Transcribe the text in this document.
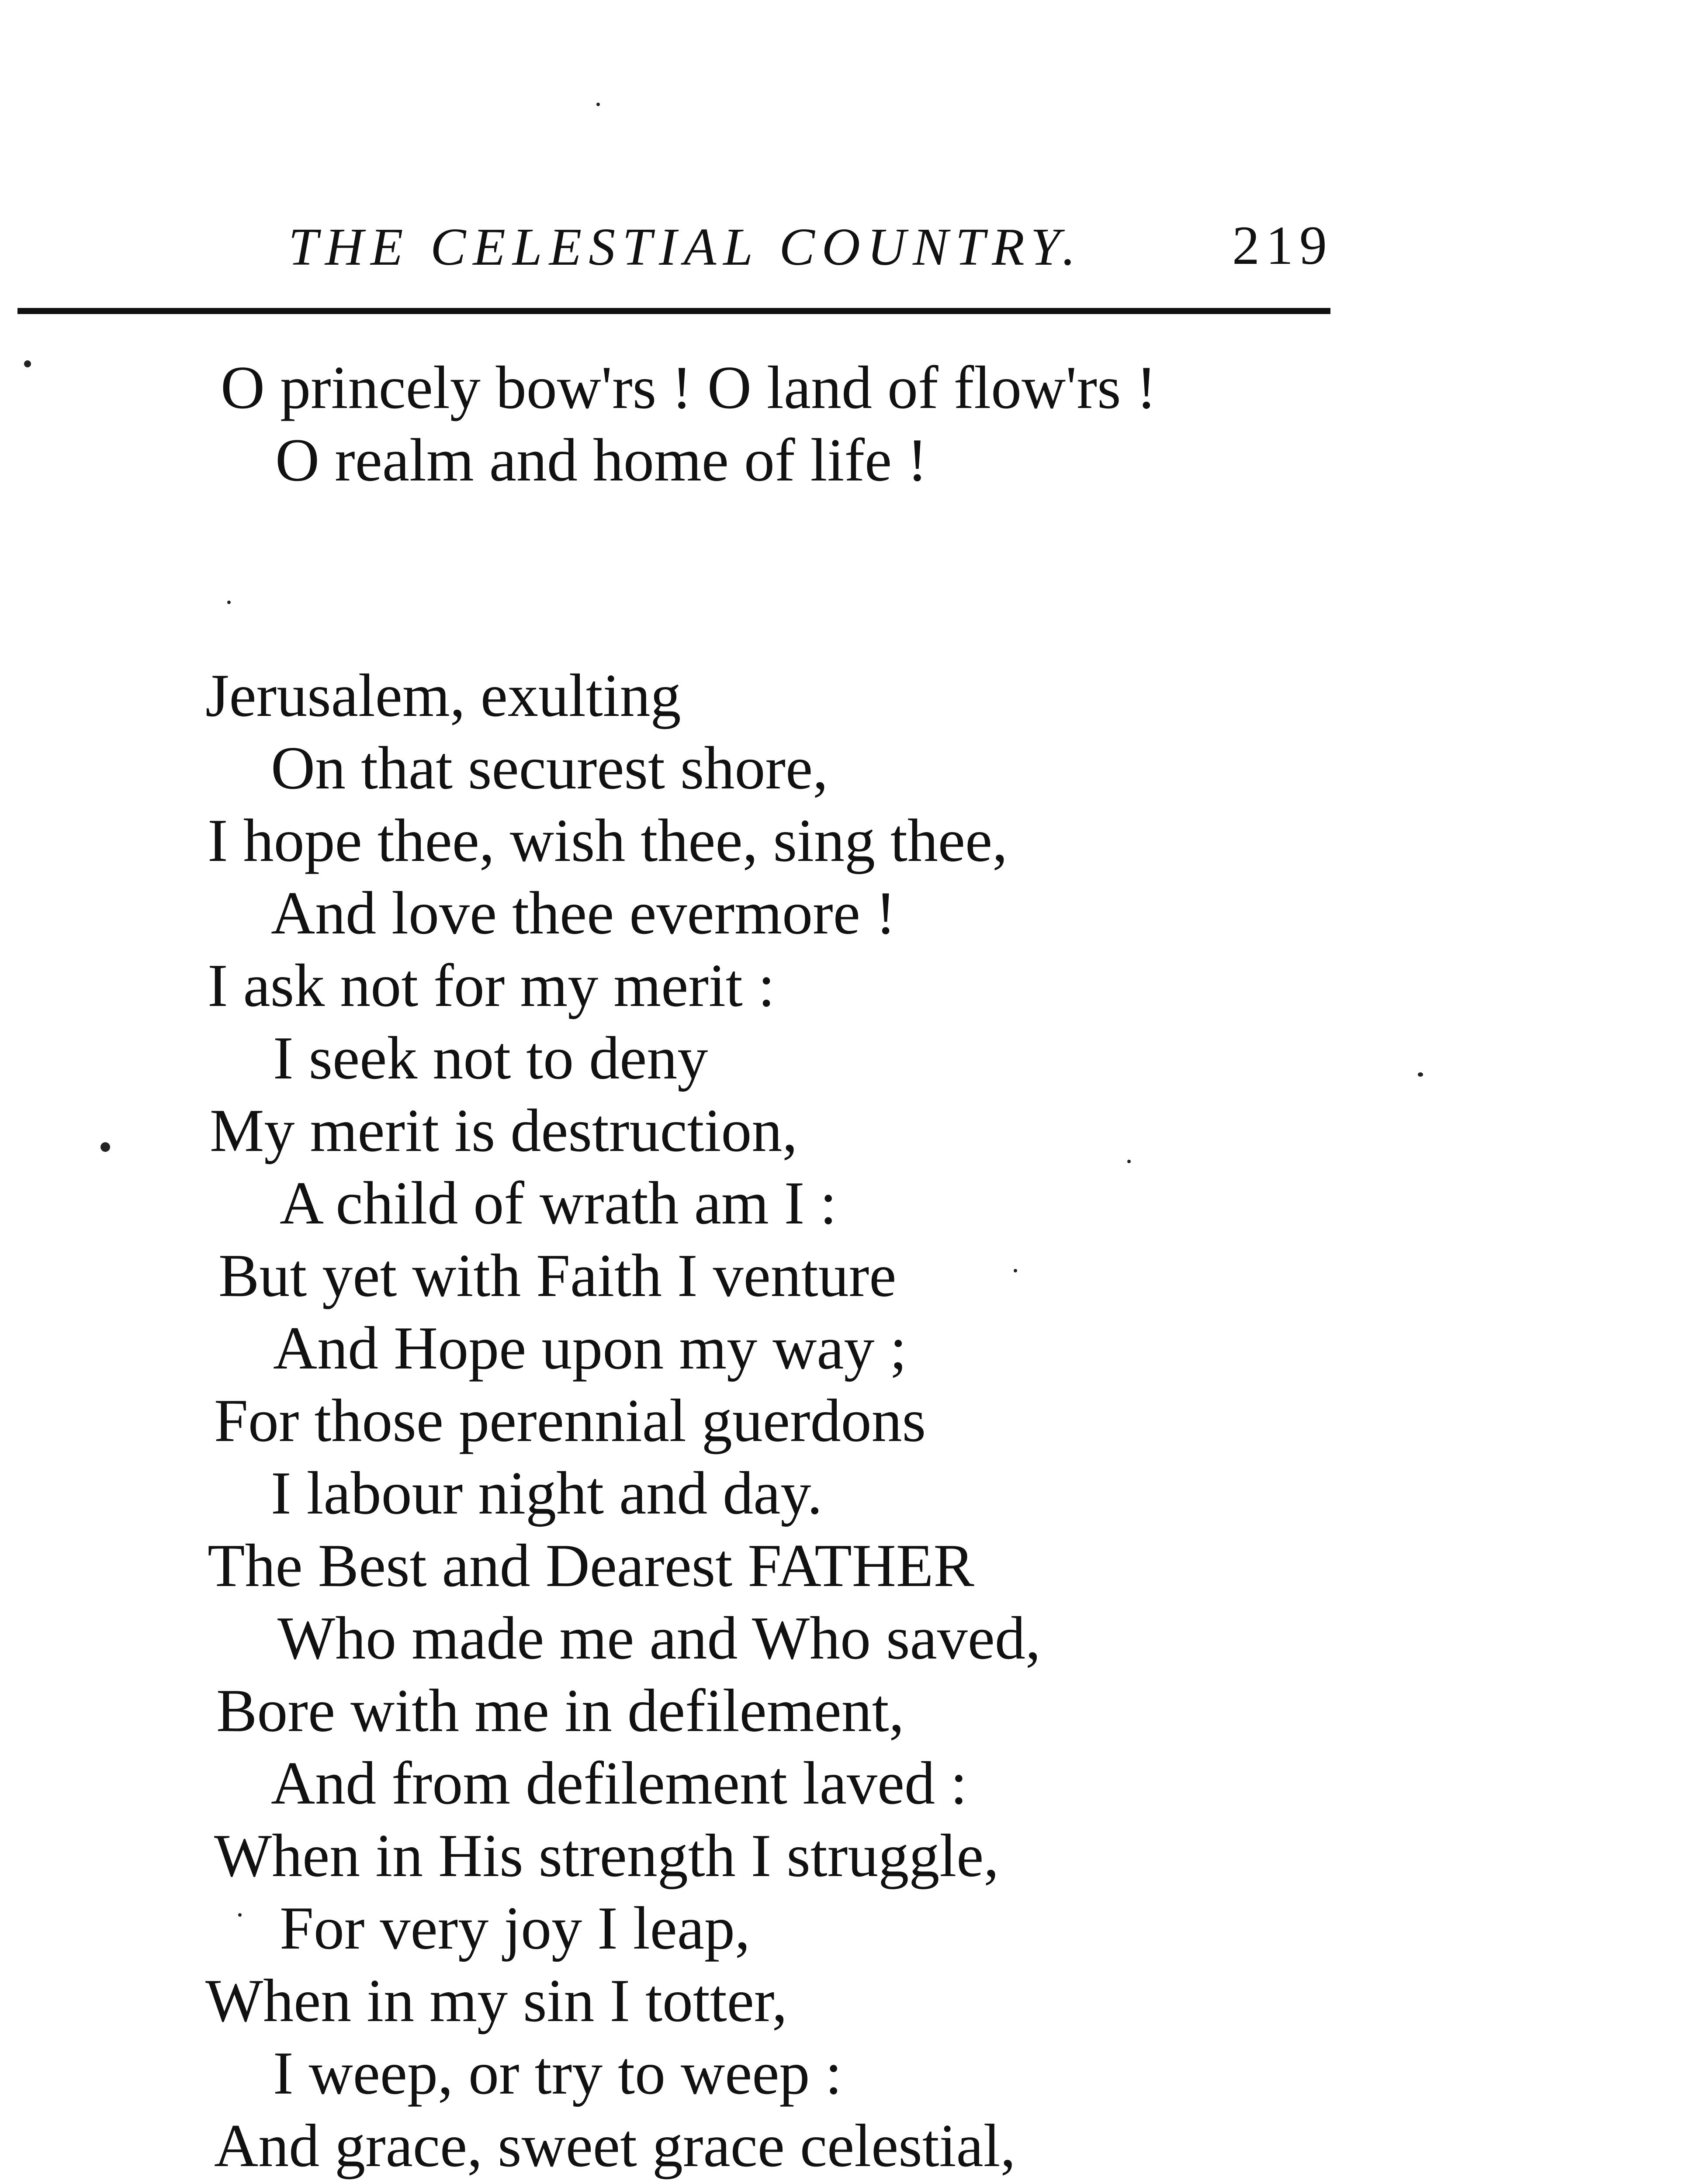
THE CELESTIAL COUNTRY.	219
O princely bow'rs ! O land of flow'rs !
O realm and home of life !
Jerusalem, exulting
On that securest shore,
I hope thee, wish thee, sing thee,
And love thee evermore !
I ask not for my merit :
I seek not to deny
My merit is destruction,
A child of wrath am I :
But yet with Faith I venture
And Hope upon my way ;
For those perennial guerdons
I labour night and day.
The Best and Dearest FATHER
Who made me and Who saved,
Bore with me in defilement,
And from defilement laved :
When in His strength I struggle,
For very joy I leap,
When in my sin I totter,
I weep, or try to weep :
And grace, sweet grace celestial,
